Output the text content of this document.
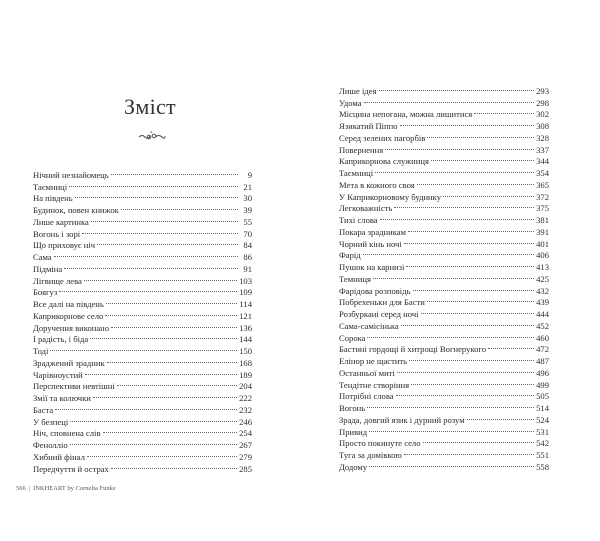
Зміст
Нічний незнайомець	9
Таємниці	21
На південь	30
Будинок, повен книжок	39
Лише картинка	55
Вогонь і зорі	70
Що приховує ніч	84
Сама	86
Підміна	91
Лігвище лева	103
Боягуз	109
Все далі на південь	114
Каприкорнове село	121
Доручення виконано	136
І радість, і біда	144
Тоді	150
Зраджений зрадник	168
Чарівноустий	189
Перспективи невтішні	204
Змії та колючки	222
Баста	232
У безпеці	246
Ніч, сповнена слів	254
Фенолліо	267
Хибний фінал	279
Передчуття й острах	285
566 | INKHEART by Cornelia Funke
Лише ідея	293
Удома	298
Місцина непогана, можна лишитися	302
Язикатий Піппо	308
Серед зелених пагорбів	328
Повернення	337
Каприкорнова служниця	344
Таємниці	354
Мета в кожного своя	365
У Каприкорновому будинку	372
Легковажність	375
Тихі слова	381
Покара зрадникам	391
Чорний кінь ночі	401
Фарід	406
Пушок на карнизі	413
Темниця	425
Фарідова розповідь	432
Побрехеньки для Басти	439
Розбуркані серед ночі	444
Сама-самісінька	452
Сорока	460
Бастині гордощі й хитрощі Вогнерукого	472
Елінор не щастить	487
Останньої миті	496
Тендітне створіння	499
Потрібні слова	505
Вогонь	514
Зрада, довгий язик і дурний розум	524
Привид	531
Просто покинуте село	542
Туга за домівкою	551
Додому	558
